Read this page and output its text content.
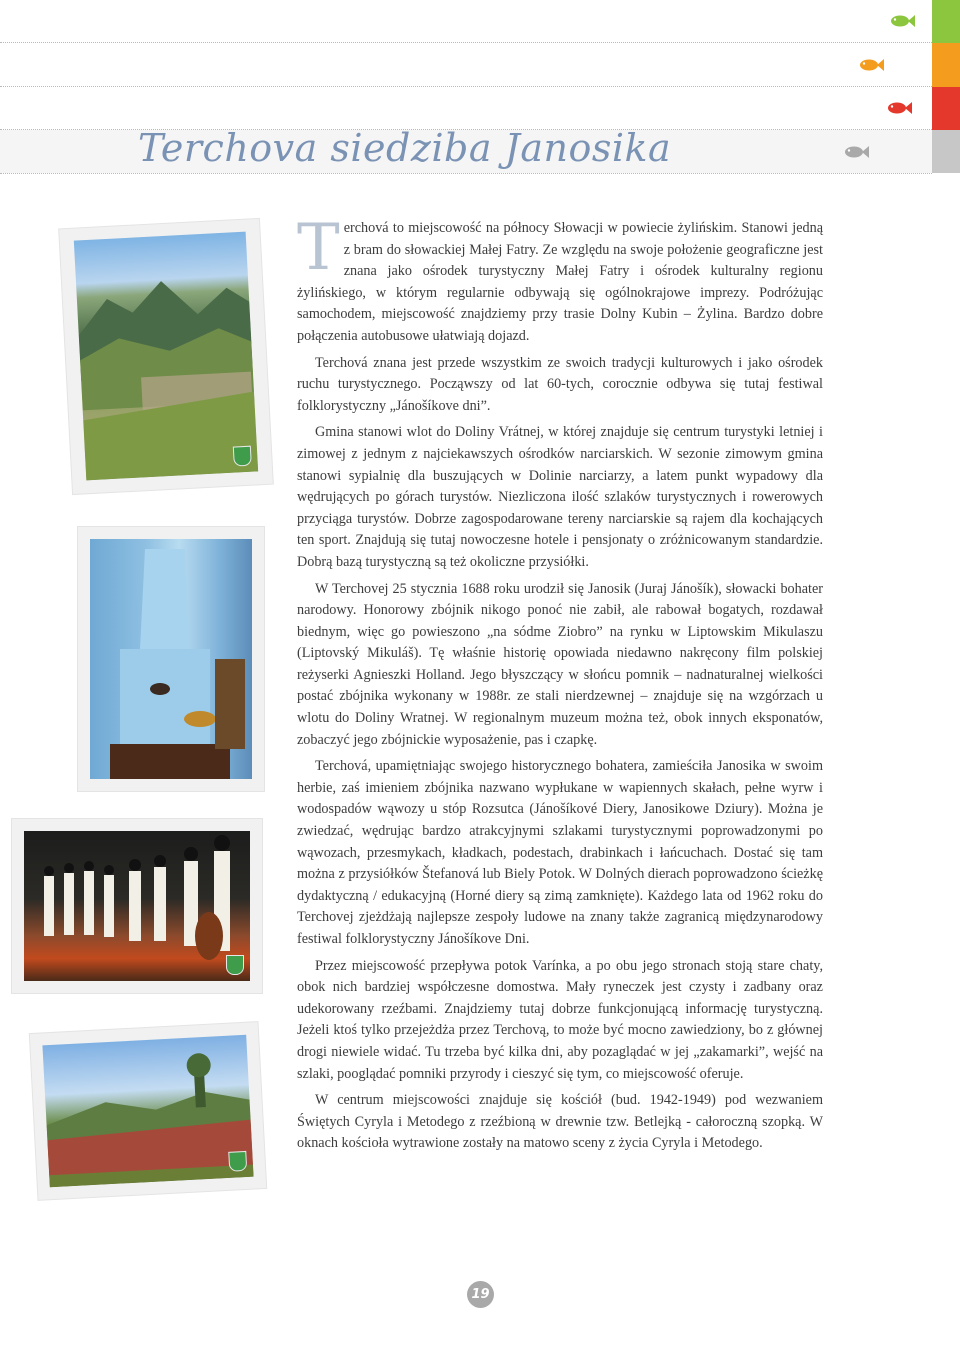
Terchova siedziba Janosika

Terchová to miejscowość na północy Słowacji w powiecie żylińskim. Stanowi jedną z bram do słowackiej Małej Fatry. Ze względu na swoje położenie geograficzne jest znana jako ośrodek turystyczny Małej Fatry i ośrodek kulturalny regionu żylińskiego, w którym regularnie odbywają się ogólnokrajowe imprezy. Podróżując samochodem, miejscowość znajdziemy przy trasie Dolny Kubin – Żylina. Bardzo dobre połączenia autobusowe ułatwiają dojazd.

Terchová znana jest przede wszystkim ze swoich tradycji kulturowych i jako ośrodek ruchu turystycznego. Począwszy od lat 60-tych, corocznie odbywa się tutaj festiwal folklorystyczny „Jánošíkove dni”.

Gmina stanowi wlot do Doliny Vrátnej, w której znajduje się centrum turystyki letniej i zimowej z jednym z najciekawszych ośrodków narciarskich. W sezonie zimowym gmina stanowi sypialnię dla buszujących w Dolinie narciarzy, a latem punkt wypadowy dla wędrujących po górach turystów. Niezliczona ilość szlaków turystycznych i rowerowych przyciąga turystów. Dobrze zagospodarowane tereny narciarskie są rajem dla kochających ten sport. Znajdują się tutaj nowoczesne hotele i pensjonaty o zróżnicowanym standardzie. Dobrą bazą turystyczną są też okoliczne przysiółki.

W Terchovej 25 stycznia 1688 roku urodził się Janosik (Juraj Jánošík), słowacki bohater narodowy. Honorowy zbójnik nikogo ponoć nie zabił, ale rabował bogatych, rozdawał biednym, więc go powieszono „na sódme Ziobro” na rynku w Liptowskim Mikulaszu (Liptovský Mikuláš). Tę właśnie historię opowiada niedawno nakręcony film polskiej reżyserki Agnieszki Holland. Jego błyszczący w słońcu pomnik – nadnaturalnej wielkości postać zbójnika wykonany w 1988r. ze stali nierdzewnej – znajduje się na wzgórzach u wlotu do Doliny Wratnej. W regionalnym muzeum można też, obok innych eksponatów, zobaczyć jego zbójnickie wyposażenie, pas i czapkę.

Terchová, upamiętniając swojego historycznego bohatera, zamieściła Janosika w swoim herbie, zaś imieniem zbójnika nazwano wypłukane w wapiennych skałach, pełne wyrw i wodospadów wąwozy u stóp Rozsutca (Jánošíkové Diery, Janosikowe Dziury). Można je zwiedzać, wędrując bardzo atrakcyjnymi szlakami turystycznymi poprowadzonymi po wąwozach, przesmykach, kładkach, podestach, drabinkach i łańcuchach. Dostać się tam można z przysiółków Štefanová lub Biely Potok. W Dolných dierach poprowadzono ścieżkę dydaktyczną / edukacyjną (Horné diery są zimą zamknięte). Każdego lata od 1962 roku do Terchovej zjeżdżają najlepsze zespoły ludowe na znany także zagranicą międzynarodowy festiwal folklorystyczny Jánošíkove Dni.

Przez miejscowość przepływa potok Varínka, a po obu jego stronach stoją stare chaty, obok nich bardziej współczesne domostwa. Mały ryneczek jest czysty i zadbany oraz udekorowany rzeźbami. Znajdziemy tutaj dobrze funkcjonującą informację turystyczną. Jeżeli ktoś tylko przejeżdża przez Terchovą, to może być mocno zawiedziony, bo z głównej drogi niewiele widać. Tu trzeba być kilka dni, aby pozaglądać w jej „zakamarki”, wejść na szlaki, pooglądać pomniki przyrody i cieszyć się tym, co miejscowość oferuje.

W centrum miejscowości znajduje się kościół (bud. 1942-1949) pod wezwaniem Świętych Cyryla i Metodego z rzeźbioną w drewnie tzw. Betlejką - całoroczną szopką. W oknach kościoła wytrawione zostały na matowo sceny z życia Cyryla i Metodego.

19
